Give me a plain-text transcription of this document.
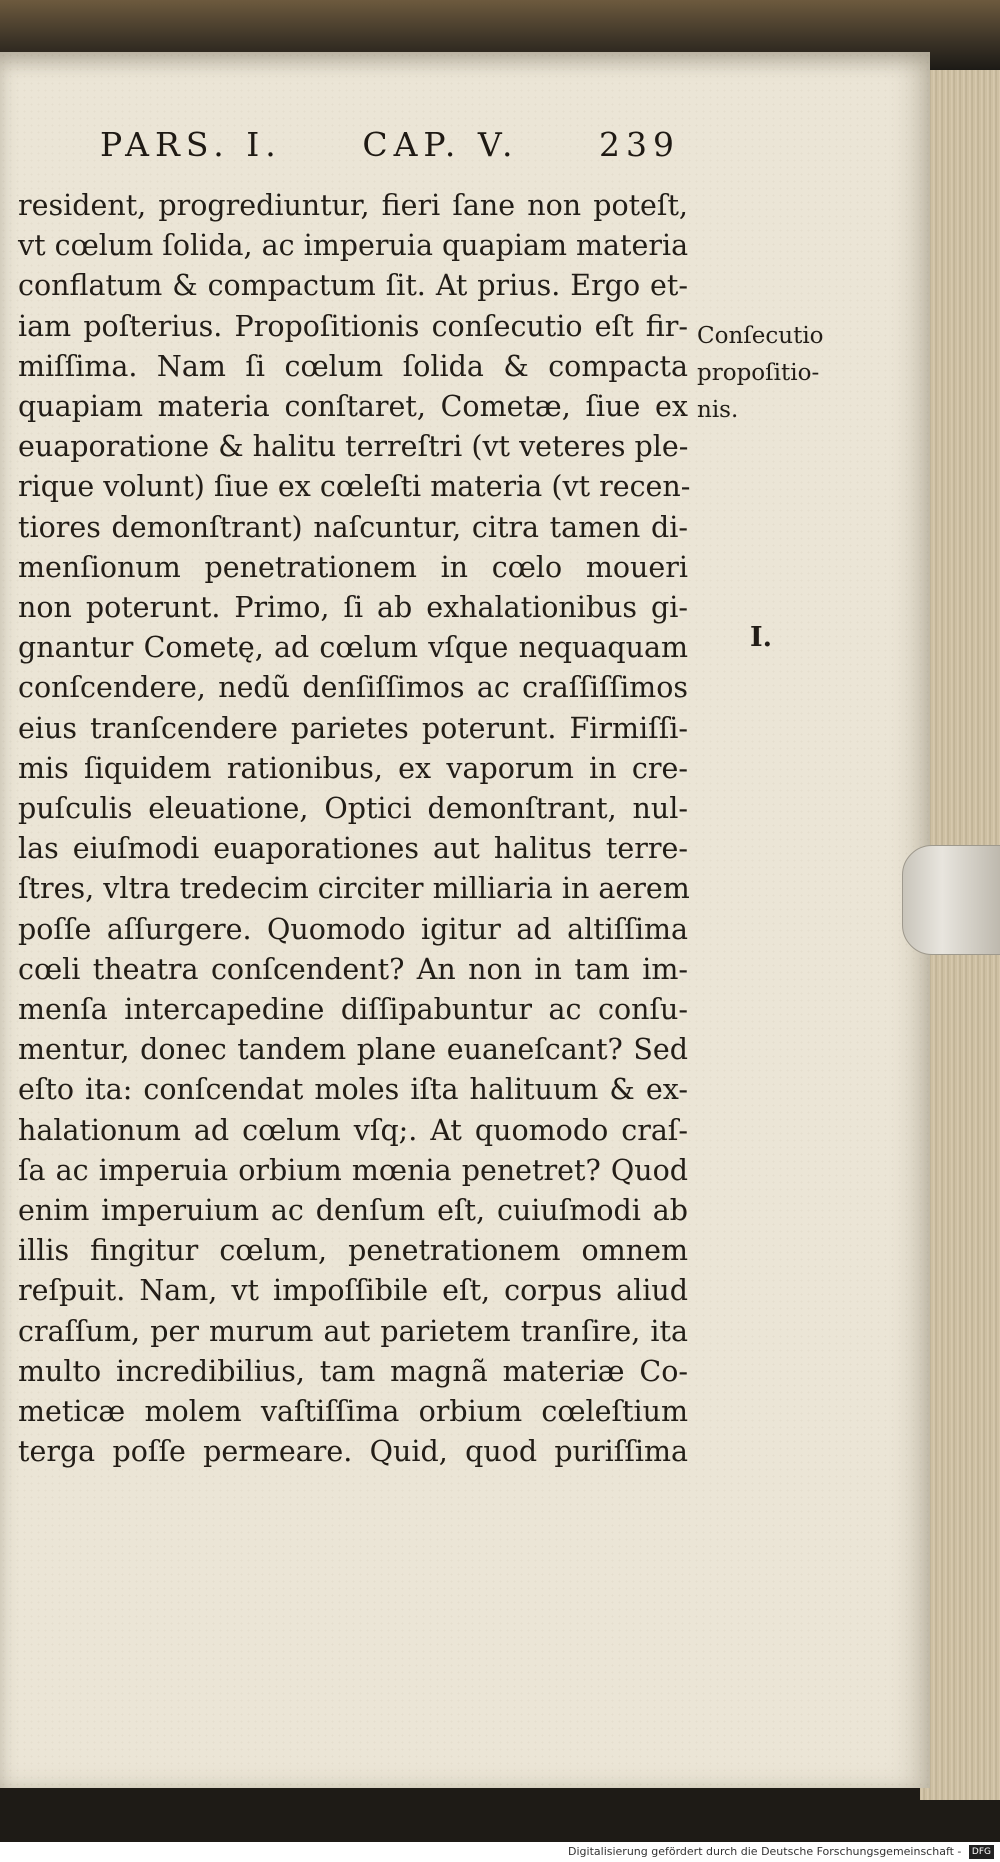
PARS. I. CAP. V. 239
resident, progrediuntur, fieri ſane non poteſt,
vt cœlum ſolida, ac imperuia quapiam materia
conflatum & compactum ſit. At prius. Ergo et-
iam poſterius. Propoſitionis conſecutio eſt fir-
miſſima. Nam ſi cœlum ſolida & compacta
quapiam materia conſtaret, Cometæ, ſiue ex
euaporatione & halitu terreſtri (vt veteres ple-
rique volunt) ſiue ex cœleſti materia (vt recen-
tiores demonſtrant) naſcuntur, citra tamen di-
menſionum penetrationem in cœlo moueri
non poterunt. Primo, ſi ab exhalationibus gi-
gnantur Cometę, ad cœlum vſque nequaquam
conſcendere, nedũ denſiſſimos ac craſſiſſimos
eius tranſcendere parietes poterunt. Firmiſſi-
mis ſiquidem rationibus, ex vaporum in cre-
puſculis eleuatione, Optici demonſtrant, nul-
las eiuſmodi euaporationes aut halitus terre-
ſtres, vltra tredecim circiter milliaria in aerem
poſſe aſſurgere. Quomodo igitur ad altiſſima
cœli theatra conſcendent? An non in tam im-
menſa intercapedine diſſipabuntur ac conſu-
mentur, donec tandem plane euaneſcant? Sed
eſto ita: conſcendat moles iſta halituum & ex-
halationum ad cœlum vſq;. At quomodo craſ-
ſa ac imperuia orbium mœnia penetret? Quod
enim imperuium ac denſum eſt, cuiuſmodi ab
illis fingitur cœlum, penetrationem omnem
reſpuit. Nam, vt impoſſibile eſt, corpus aliud
craſſum, per murum aut parietem tranſire, ita
multo incredibilius, tam magnã materiæ Co-
meticæ molem vaſtiſſima orbium cœleſtium
terga poſſe permeare. Quid, quod puriſſima
Conſecutio
propoſitio-
nis.
I.
Digitalisierung gefördert durch die Deutsche Forschungsgemeinschaft - DFG
